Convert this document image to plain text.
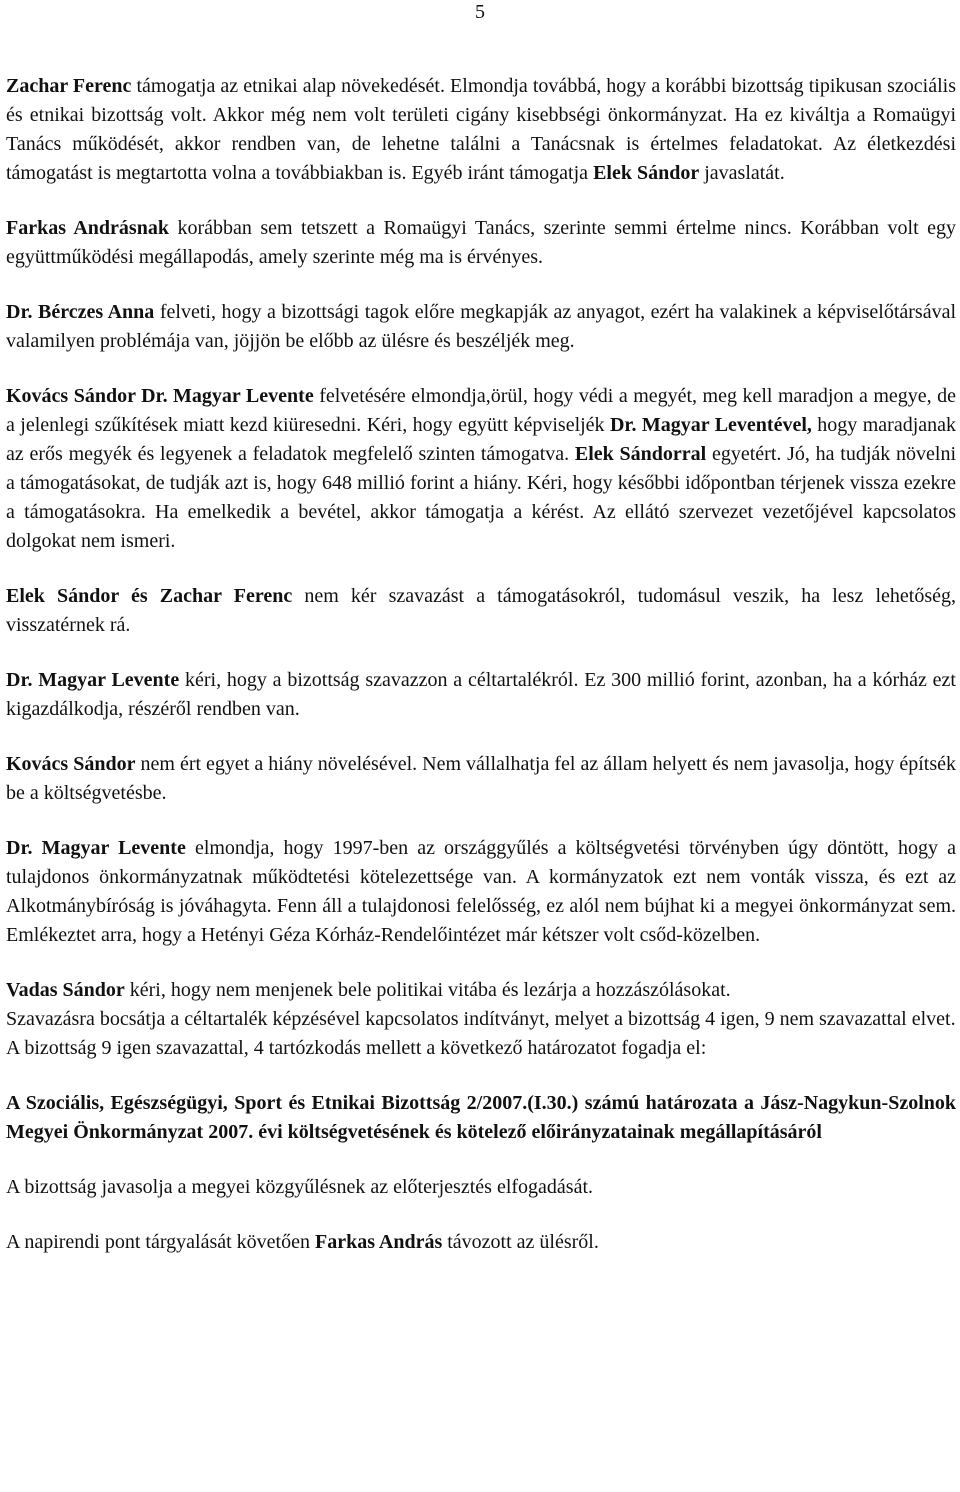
5

Zachar Ferenc támogatja az etnikai alap növekedését. Elmondja továbbá, hogy a korábbi bizottság tipikusan szociális és etnikai bizottság volt. Akkor még nem volt területi cigány kisebbségi önkormányzat. Ha ez kiváltja a Romaügyi Tanács működését, akkor rendben van, de lehetne találni a Tanácsnak is értelmes feladatokat. Az életkezdési támogatást is megtartotta volna a továbbiakban is. Egyéb iránt támogatja Elek Sándor javaslatát.

Farkas Andrásnak korábban sem tetszett a Romaügyi Tanács, szerinte semmi értelme nincs. Korábban volt egy együttműködési megállapodás, amely szerinte még ma is érvényes.

Dr. Bérczes Anna felveti, hogy a bizottsági tagok előre megkapják az anyagot, ezért ha valakinek a képviselőtársával valamilyen problémája van, jöjjön be előbb az ülésre és beszéljék meg.

Kovács Sándor Dr. Magyar Levente felvetésére elmondja,örül, hogy védi a megyét, meg kell maradjon a megye, de a jelenlegi szűkítések miatt kezd kiüresedni. Kéri, hogy együtt képviseljék Dr. Magyar Leventével, hogy maradjanak az erős megyék és legyenek a feladatok megfelelő szinten támogatva. Elek Sándorral egyetért. Jó, ha tudják növelni a támogatásokat, de tudják azt is, hogy 648 millió forint a hiány. Kéri, hogy későbbi időpontban térjenek vissza ezekre a támogatásokra. Ha emelkedik a bevétel, akkor támogatja a kérést. Az ellátó szervezet vezetőjével kapcsolatos dolgokat nem ismeri.

Elek Sándor és Zachar Ferenc nem kér szavazást a támogatásokról, tudomásul veszik, ha lesz lehetőség, visszatérnek rá.

Dr. Magyar Levente kéri, hogy a bizottság szavazzon a céltartalékról. Ez 300 millió forint, azonban, ha a kórház ezt kigazdálkodja, részéről rendben van.

Kovács Sándor nem ért egyet a hiány növelésével. Nem vállalhatja fel az állam helyett és nem javasolja, hogy építsék be a költségvetésbe.

Dr. Magyar Levente elmondja, hogy 1997-ben az országgyűlés a költségvetési törvényben úgy döntött, hogy a tulajdonos önkormányzatnak működtetési kötelezettsége van. A kormányzatok ezt nem vonták vissza, és ezt az Alkotmánybíróság is jóváhagyta. Fenn áll a tulajdonosi felelősség, ez alól nem bújhat ki a megyei önkormányzat sem. Emlékeztet arra, hogy a Hetényi Géza Kórház-Rendelőintézet már kétszer volt csőd-közelben.

Vadas Sándor kéri, hogy nem menjenek bele politikai vitába és lezárja a hozzászólásokat.

Szavazásra bocsátja a céltartalék képzésével kapcsolatos indítványt, melyet a bizottság 4 igen, 9 nem szavazattal elvet.

A bizottság 9 igen szavazattal, 4 tartózkodás mellett a következő határozatot fogadja el:

A Szociális, Egészségügyi, Sport és Etnikai Bizottság 2/2007.(I.30.) számú határozata a Jász-Nagykun-Szolnok Megyei Önkormányzat 2007. évi költségvetésének és kötelező előirányzatainak megállapításáról

A bizottság javasolja a megyei közgyűlésnek az előterjesztés elfogadását.

A napirendi pont tárgyalását követően Farkas András távozott az ülésről.
